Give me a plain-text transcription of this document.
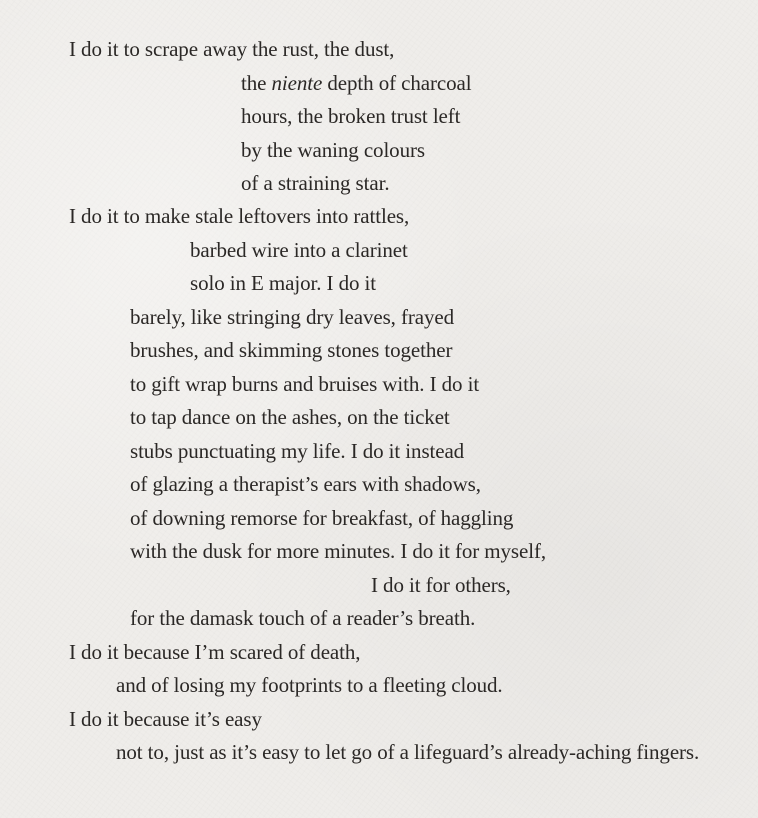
I do it to scrape away the rust, the dust,
the niente depth of charcoal
hours, the broken trust left
by the waning colours
of a straining star.
I do it to make stale leftovers into rattles,
barbed wire into a clarinet
solo in E major. I do it
barely, like stringing dry leaves, frayed
brushes, and skimming stones together
to gift wrap burns and bruises with. I do it
to tap dance on the ashes, on the ticket
stubs punctuating my life. I do it instead
of glazing a therapist’s ears with shadows,
of downing remorse for breakfast, of haggling
with the dusk for more minutes. I do it for myself,
I do it for others,
for the damask touch of a reader’s breath.
I do it because I’m scared of death,
and of losing my footprints to a fleeting cloud.
I do it because it’s easy
not to, just as it’s easy to let go of a lifeguard’s already-aching fingers.
